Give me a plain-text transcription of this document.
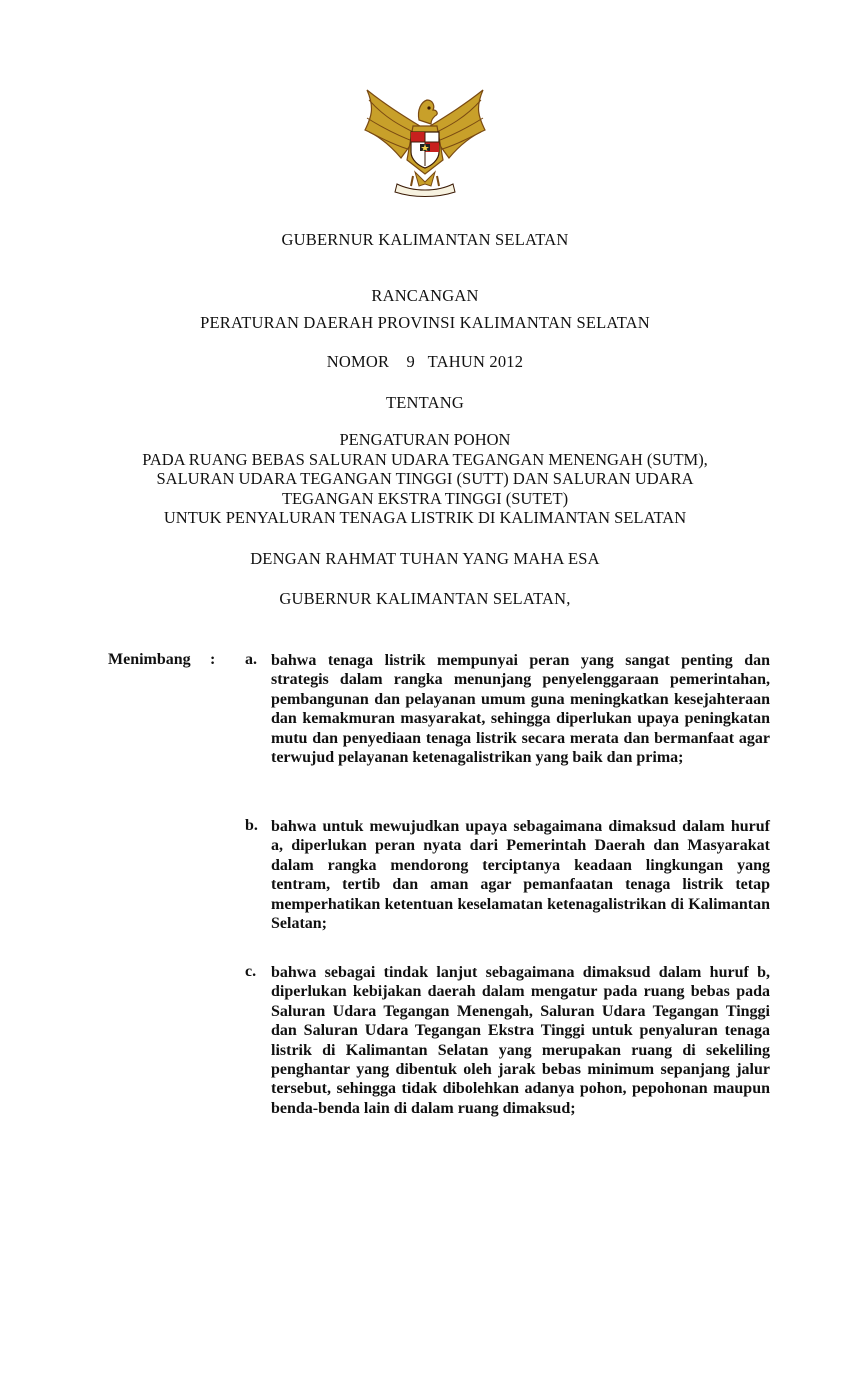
GUBERNUR KALIMANTAN SELATAN
RANCANGAN
PERATURAN DAERAH PROVINSI KALIMANTAN SELATAN
NOMOR    9   TAHUN 2012
TENTANG
PENGATURAN POHON
PADA RUANG BEBAS SALURAN UDARA TEGANGAN MENENGAH (SUTM),
SALURAN UDARA TEGANGAN TINGGI (SUTT) DAN SALURAN UDARA
TEGANGAN EKSTRA TINGGI (SUTET)
UNTUK PENYALURAN TENAGA LISTRIK DI KALIMANTAN SELATAN
DENGAN RAHMAT TUHAN YANG MAHA ESA
GUBERNUR KALIMANTAN SELATAN,
Menimbang : a. bahwa tenaga listrik mempunyai peran yang sangat penting dan strategis dalam rangka menunjang penyelenggaraan pemerintahan, pembangunan dan pelayanan umum guna meningkatkan kesejahteraan dan kemakmuran masyarakat, sehingga diperlukan upaya peningkatan mutu dan penyediaan tenaga listrik secara merata dan bermanfaat agar terwujud pelayanan ketenagalistrikan yang baik dan prima;
b. bahwa untuk mewujudkan upaya sebagaimana dimaksud dalam huruf a, diperlukan peran nyata dari Pemerintah Daerah dan Masyarakat dalam rangka mendorong terciptanya keadaan lingkungan yang tentram, tertib dan aman agar pemanfaatan tenaga listrik tetap memperhatikan ketentuan keselamatan ketenagalistrikan di Kalimantan Selatan;
c. bahwa sebagai tindak lanjut sebagaimana dimaksud dalam huruf b, diperlukan kebijakan daerah dalam mengatur pada ruang bebas pada Saluran Udara Tegangan Menengah, Saluran Udara Tegangan Tinggi dan Saluran Udara Tegangan Ekstra Tinggi untuk penyaluran tenaga listrik di Kalimantan Selatan yang merupakan ruang di sekeliling penghantar yang dibentuk oleh jarak bebas minimum sepanjang jalur tersebut, sehingga tidak dibolehkan adanya pohon, pepohonan maupun benda-benda lain di dalam ruang dimaksud;
